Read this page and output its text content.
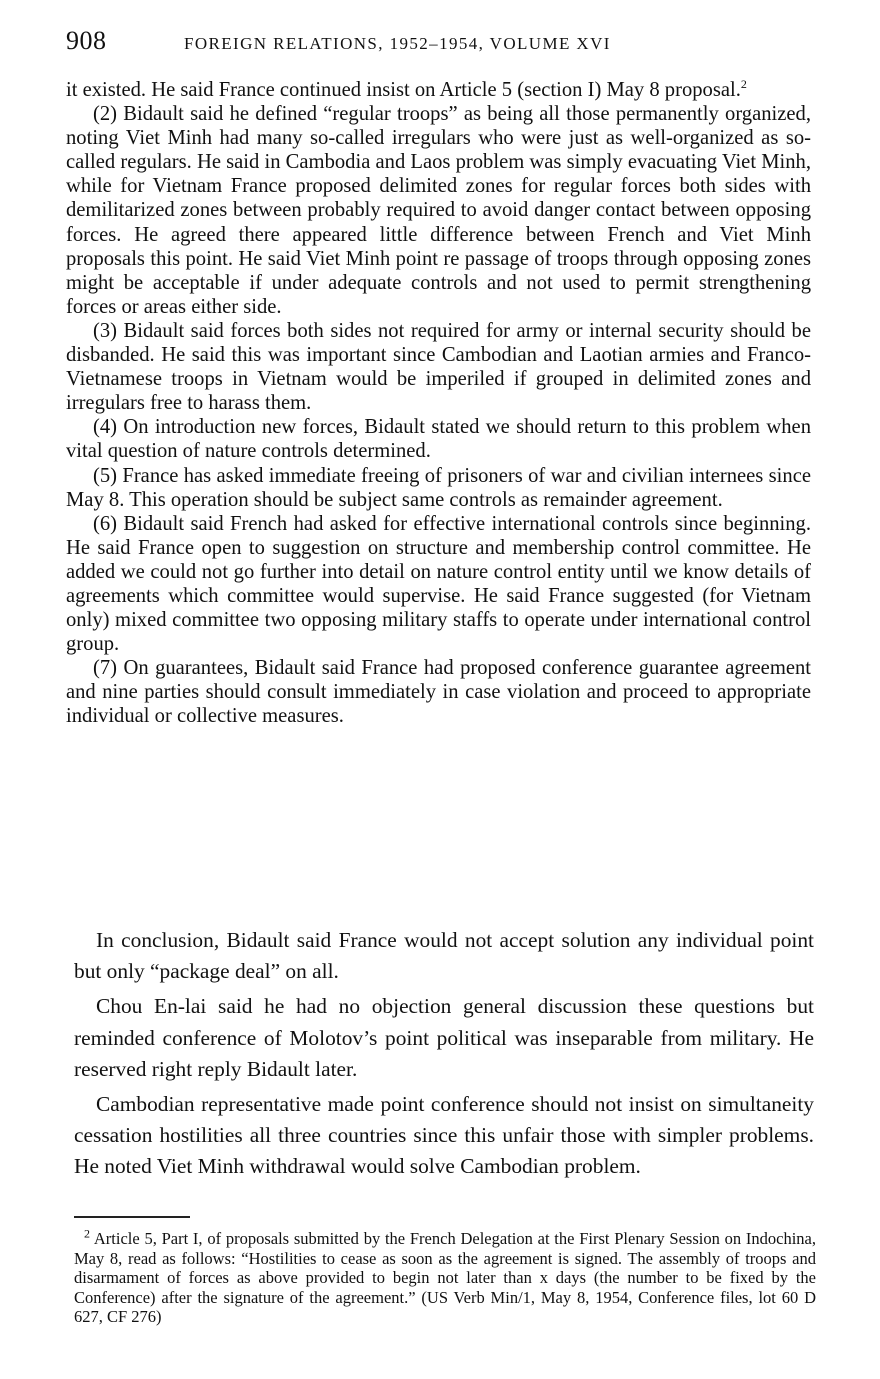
908	FOREIGN RELATIONS, 1952–1954, VOLUME XVI

it existed. He said France continued insist on Article 5 (section I) May 8 proposal.$^2$

(2) Bidault said he defined “regular troops” as being all those permanently organized, noting Viet Minh had many so-called irregulars who were just as well-organized as so-called regulars. He said in Cambodia and Laos problem was simply evacuating Viet Minh, while for Vietnam France proposed delimited zones for regular forces both sides with demilitarized zones between probably required to avoid danger contact between opposing forces. He agreed there appeared little difference between French and Viet Minh proposals this point. He said Viet Minh point re passage of troops through opposing zones might be acceptable if under adequate controls and not used to permit strengthening forces or areas either side.

(3) Bidault said forces both sides not required for army or internal security should be disbanded. He said this was important since Cambodian and Laotian armies and Franco-Vietnamese troops in Vietnam would be imperiled if grouped in delimited zones and irregulars free to harass them.

(4) On introduction new forces, Bidault stated we should return to this problem when vital question of nature controls determined.

(5) France has asked immediate freeing of prisoners of war and civilian internees since May 8. This operation should be subject same controls as remainder agreement.

(6) Bidault said French had asked for effective international controls since beginning. He said France open to suggestion on structure and membership control committee. He added we could not go further into detail on nature control entity until we know details of agreements which committee would supervise. He said France suggested (for Vietnam only) mixed committee two opposing military staffs to operate under international control group.

(7) On guarantees, Bidault said France had proposed conference guarantee agreement and nine parties should consult immediately in case violation and proceed to appropriate individual or collective measures.

In conclusion, Bidault said France would not accept solution any individual point but only “package deal” on all.

Chou En-lai said he had no objection general discussion these questions but reminded conference of Molotov’s point political was inseparable from military. He reserved right reply Bidault later.

Cambodian representative made point conference should not insist on simultaneity cessation hostilities all three countries since this unfair those with simpler problems. He noted Viet Minh withdrawal would solve Cambodian problem.

$^2$ Article 5, Part I, of proposals submitted by the French Delegation at the First Plenary Session on Indochina, May 8, read as follows: “Hostilities to cease as soon as the agreement is signed. The assembly of troops and disarmament of forces as above provided to begin not later than x days (the number to be fixed by the Conference) after the signature of the agreement.” (US Verb Min/1, May 8, 1954, Conference files, lot 60 D 627, CF 276)
